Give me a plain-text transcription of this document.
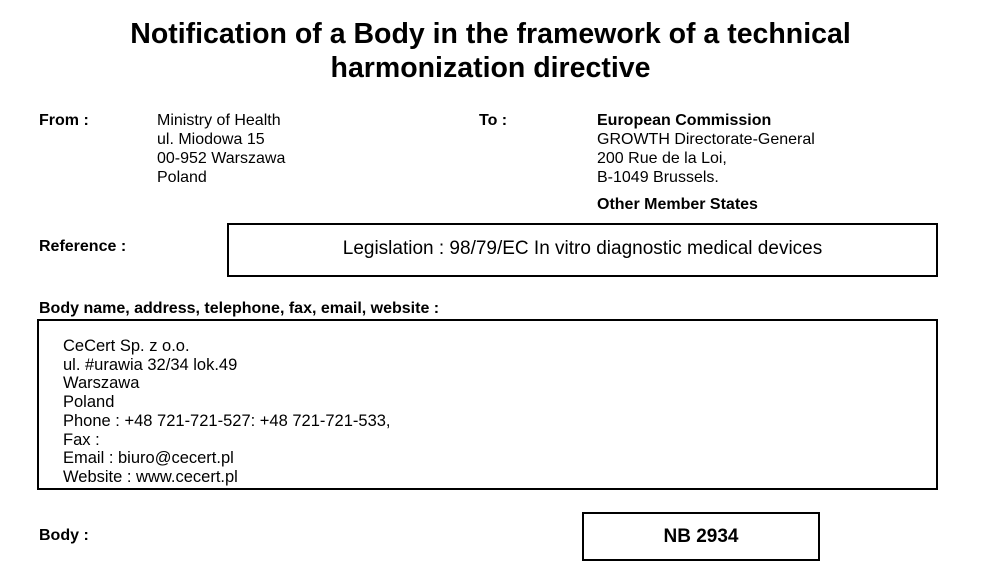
Notification of a Body in the framework of a technical
harmonization directive
From :	Ministry of Health
ul. Miodowa 15
00-952 Warszawa
Poland
To :	European Commission
GROWTH Directorate-General
200 Rue de la Loi,
B-1049 Brussels.
Other Member States
Reference :	Legislation : 98/79/EC In vitro diagnostic medical devices
Body name, address, telephone, fax, email, website :
CeCert Sp. z o.o.
ul. #urawia 32/34 lok.49
Warszawa
Poland
Phone : +48 721-721-527: +48 721-721-533,
Fax :
Email : biuro@cecert.pl
Website : www.cecert.pl
Body :	NB 2934
